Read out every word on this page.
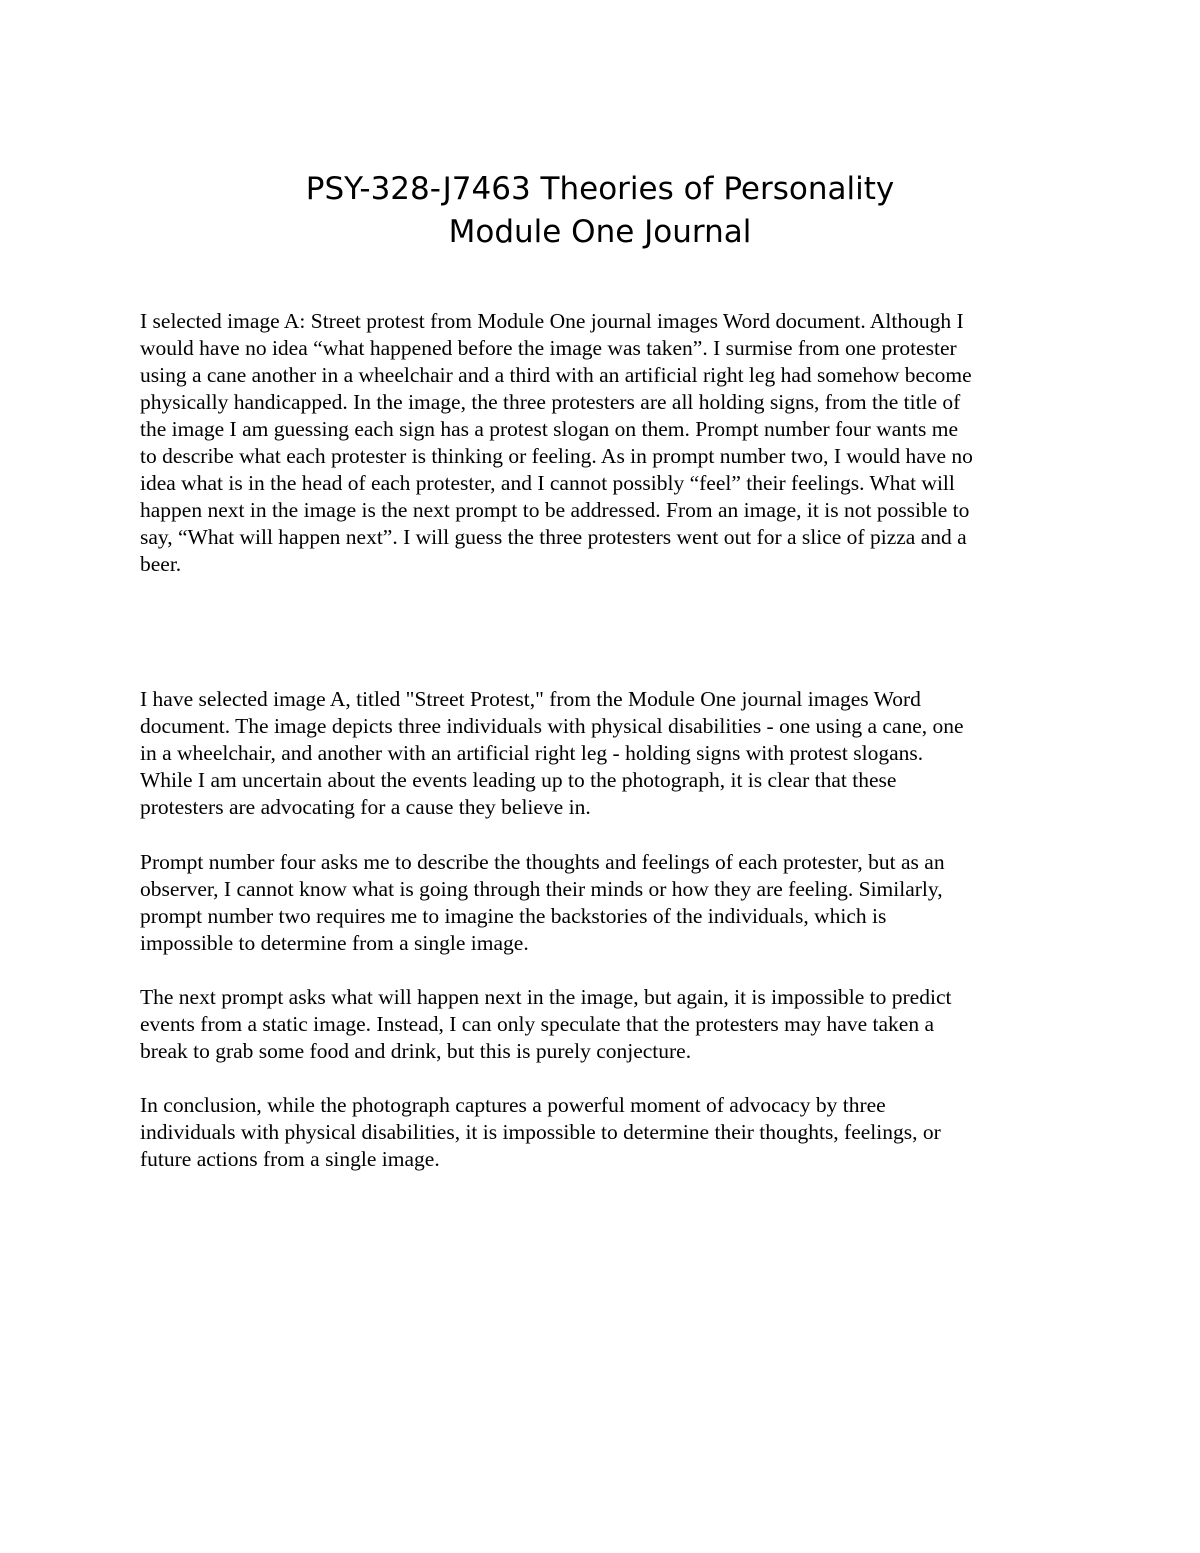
PSY-328-J7463 Theories of Personality
Module One Journal
I selected image A: Street protest from Module One journal images Word document. Although I
would have no idea “what happened before the image was taken”. I surmise from one protester
using a cane another in a wheelchair and a third with an artificial right leg had somehow become
physically handicapped. In the image, the three protesters are all holding signs, from the title of
the image I am guessing each sign has a protest slogan on them. Prompt number four wants me
to describe what each protester is thinking or feeling. As in prompt number two, I would have no
idea what is in the head of each protester, and I cannot possibly “feel” their feelings. What will
happen next in the image is the next prompt to be addressed. From an image, it is not possible to
say, “What will happen next”. I will guess the three protesters went out for a slice of pizza and a
beer.
I have selected image A, titled "Street Protest," from the Module One journal images Word
document. The image depicts three individuals with physical disabilities - one using a cane, one
in a wheelchair, and another with an artificial right leg - holding signs with protest slogans.
While I am uncertain about the events leading up to the photograph, it is clear that these
protesters are advocating for a cause they believe in.
Prompt number four asks me to describe the thoughts and feelings of each protester, but as an
observer, I cannot know what is going through their minds or how they are feeling. Similarly,
prompt number two requires me to imagine the backstories of the individuals, which is
impossible to determine from a single image.
The next prompt asks what will happen next in the image, but again, it is impossible to predict
events from a static image. Instead, I can only speculate that the protesters may have taken a
break to grab some food and drink, but this is purely conjecture.
In conclusion, while the photograph captures a powerful moment of advocacy by three
individuals with physical disabilities, it is impossible to determine their thoughts, feelings, or
future actions from a single image.
